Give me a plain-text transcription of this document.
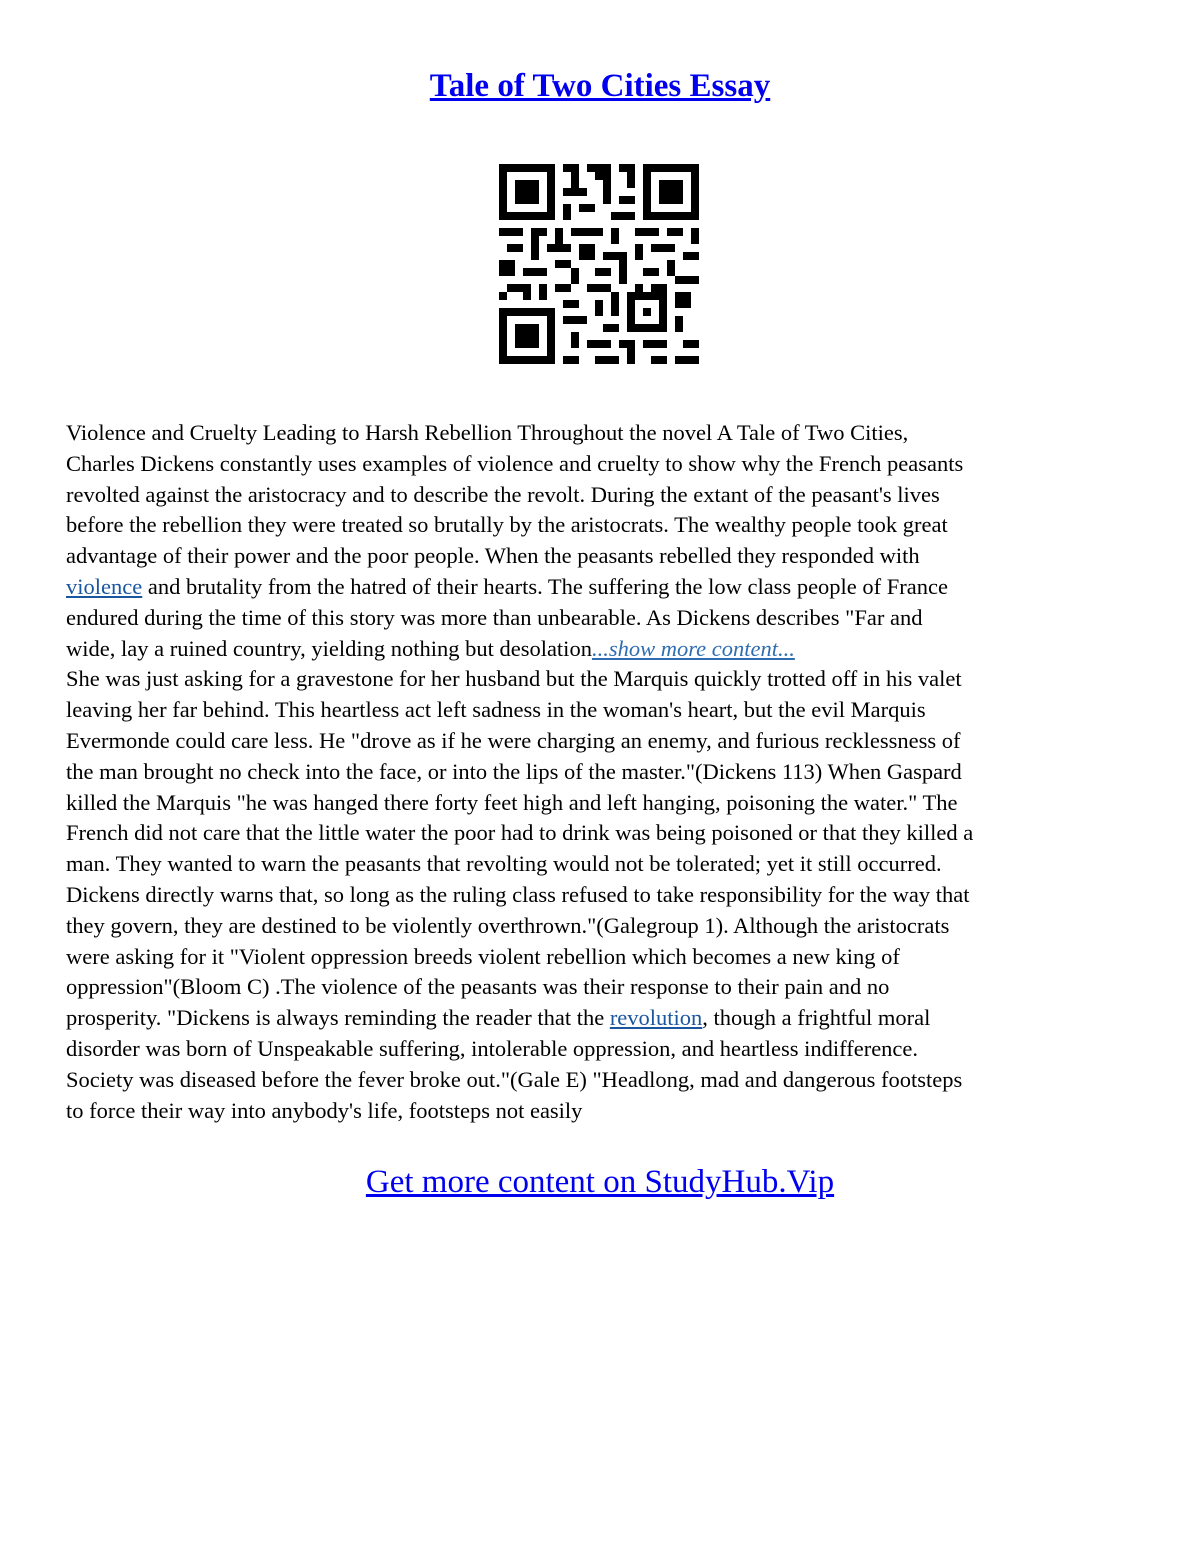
Tale of Two Cities Essay
Violence and Cruelty Leading to Harsh Rebellion Throughout the novel A Tale of Two Cities,
Charles Dickens constantly uses examples of violence and cruelty to show why the French peasants
revolted against the aristocracy and to describe the revolt. During the extant of the peasant's lives
before the rebellion they were treated so brutally by the aristocrats. The wealthy people took great
advantage of their power and the poor people. When the peasants rebelled they responded with
violence and brutality from the hatred of their hearts. The suffering the low class people of France
endured during the time of this story was more than unbearable. As Dickens describes "Far and
wide, lay a ruined country, yielding nothing but desolation...show more content...
She was just asking for a gravestone for her husband but the Marquis quickly trotted off in his valet
leaving her far behind. This heartless act left sadness in the woman's heart, but the evil Marquis
Evermonde could care less. He "drove as if he were charging an enemy, and furious recklessness of
the man brought no check into the face, or into the lips of the master."(Dickens 113) When Gaspard
killed the Marquis "he was hanged there forty feet high and left hanging, poisoning the water." The
French did not care that the little water the poor had to drink was being poisoned or that they killed a
man. They wanted to warn the peasants that revolting would not be tolerated; yet it still occurred.
Dickens directly warns that, so long as the ruling class refused to take responsibility for the way that
they govern, they are destined to be violently overthrown."(Galegroup 1). Although the aristocrats
were asking for it "Violent oppression breeds violent rebellion which becomes a new king of
oppression"(Bloom C) .The violence of the peasants was their response to their pain and no
prosperity. "Dickens is always reminding the reader that the revolution, though a frightful moral
disorder was born of Unspeakable suffering, intolerable oppression, and heartless indifference.
Society was diseased before the fever broke out."(Gale E) "Headlong, mad and dangerous footsteps
to force their way into anybody's life, footsteps not easily
Get more content on StudyHub.Vip
